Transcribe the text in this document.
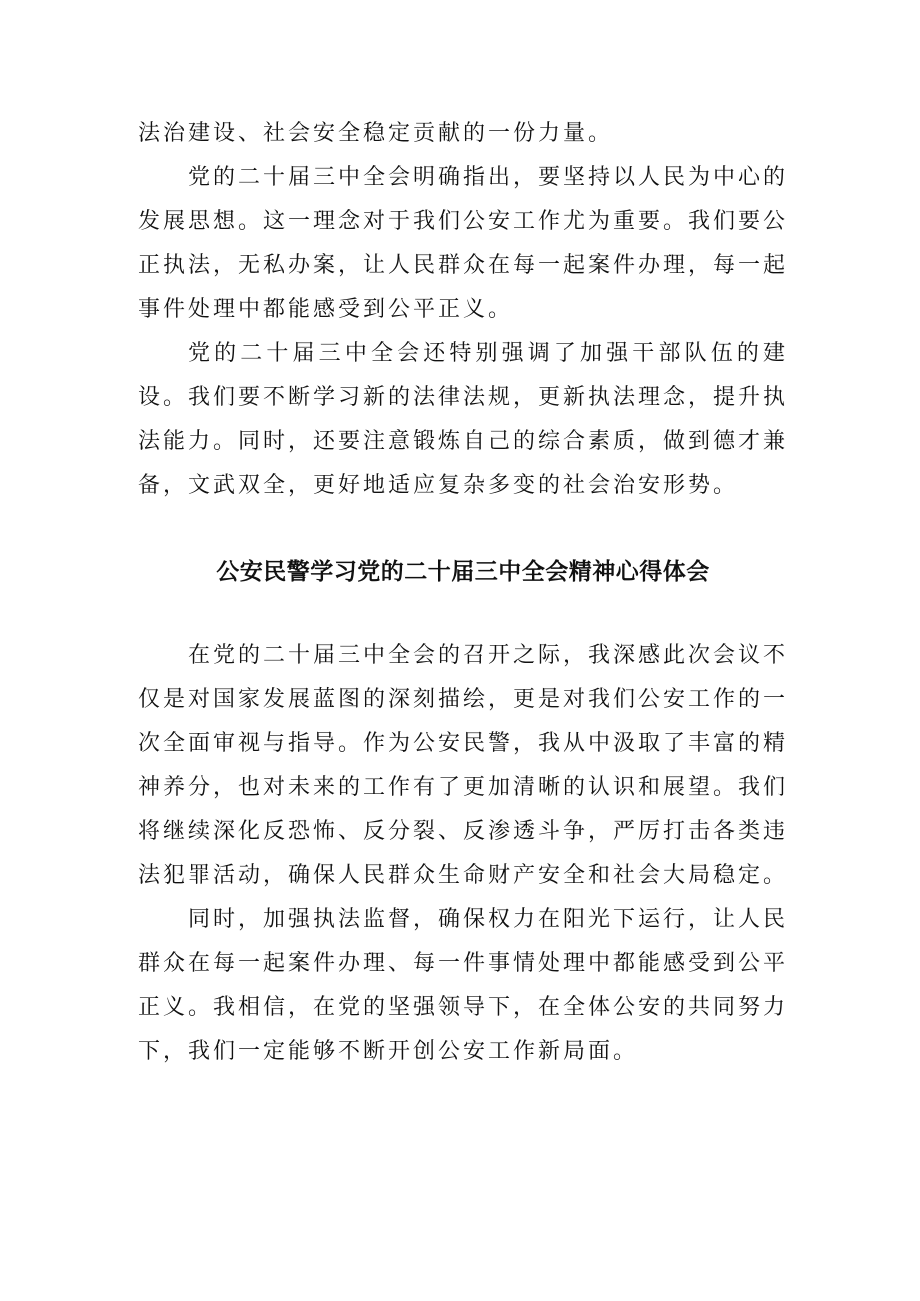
法治建设、社会安全稳定贡献的一份力量。

党的二十届三中全会明确指出，要坚持以人民为中心的发展思想。这一理念对于我们公安工作尤为重要。我们要公正执法，无私办案，让人民群众在每一起案件办理，每一起事件处理中都能感受到公平正义。

党的二十届三中全会还特别强调了加强干部队伍的建设。我们要不断学习新的法律法规，更新执法理念，提升执法能力。同时，还要注意锻炼自己的综合素质，做到德才兼备，文武双全，更好地适应复杂多变的社会治安形势。

公安民警学习党的二十届三中全会精神心得体会

在党的二十届三中全会的召开之际，我深感此次会议不仅是对国家发展蓝图的深刻描绘，更是对我们公安工作的一次全面审视与指导。作为公安民警，我从中汲取了丰富的精神养分，也对未来的工作有了更加清晰的认识和展望。我们将继续深化反恐怖、反分裂、反渗透斗争，严厉打击各类违法犯罪活动，确保人民群众生命财产安全和社会大局稳定。

同时，加强执法监督，确保权力在阳光下运行，让人民群众在每一起案件办理、每一件事情处理中都能感受到公平正义。我相信，在党的坚强领导下，在全体公安的共同努力下，我们一定能够不断开创公安工作新局面。
